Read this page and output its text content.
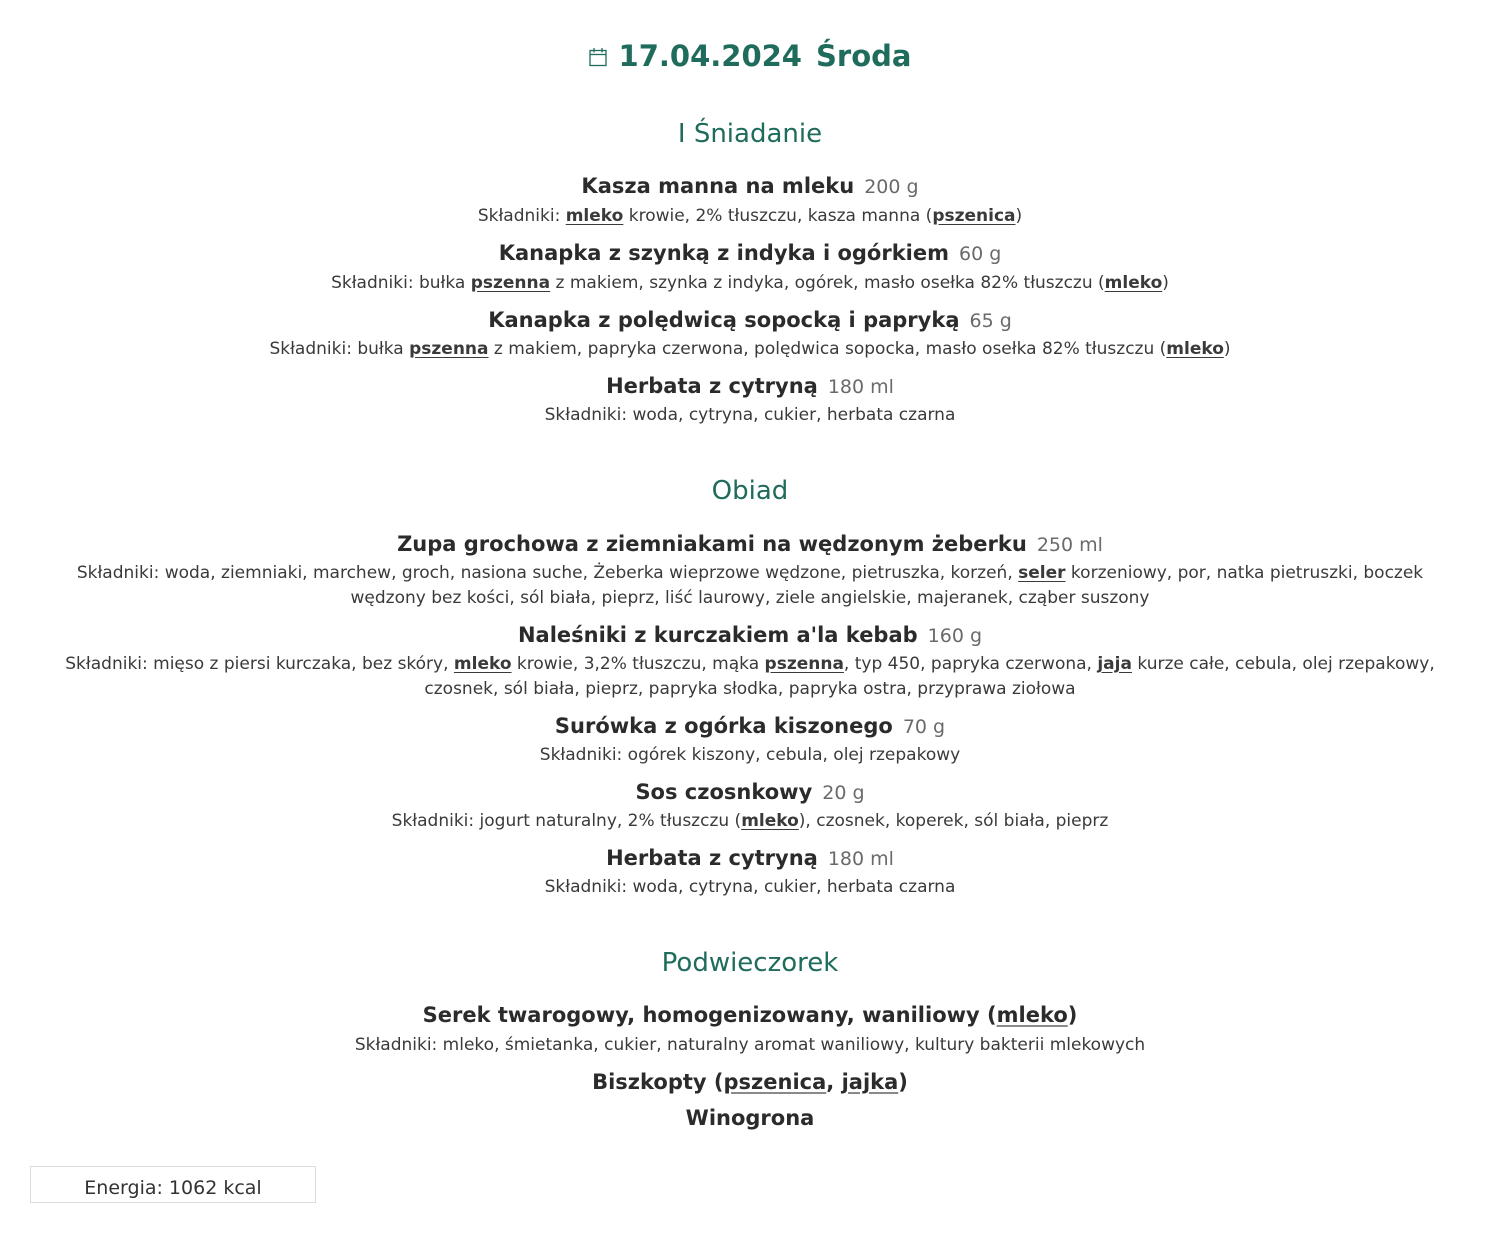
17.04.2024 Środa
I Śniadanie
Kasza manna na mleku 200 g
Składniki: mleko krowie, 2% tłuszczu, kasza manna (pszenica)
Kanapka z szynką z indyka i ogórkiem 60 g
Składniki: bułka pszenna z makiem, szynka z indyka, ogórek, masło osełka 82% tłuszczu (mleko)
Kanapka z polędwicą sopocką i papryką 65 g
Składniki: bułka pszenna z makiem, papryka czerwona, polędwica sopocka, masło osełka 82% tłuszczu (mleko)
Herbata z cytryną 180 ml
Składniki: woda, cytryna, cukier, herbata czarna
Obiad
Zupa grochowa z ziemniakami na wędzonym żeberku 250 ml
Składniki: woda, ziemniaki, marchew, groch, nasiona suche, Żeberka wieprzowe wędzone, pietruszka, korzeń, seler korzeniowy, por, natka pietruszki, boczek wędzony bez kości, sól biała, pieprz, liść laurowy, ziele angielskie, majeranek, cząber suszony
Naleśniki z kurczakiem a'la kebab 160 g
Składniki: mięso z piersi kurczaka, bez skóry, mleko krowie, 3,2% tłuszczu, mąka pszenna, typ 450, papryka czerwona, jaja kurze całe, cebula, olej rzepakowy, czosnek, sól biała, pieprz, papryka słodka, papryka ostra, przyprawa ziołowa
Surówka z ogórka kiszonego 70 g
Składniki: ogórek kiszony, cebula, olej rzepakowy
Sos czosnkowy 20 g
Składniki: jogurt naturalny, 2% tłuszczu (mleko), czosnek, koperek, sól biała, pieprz
Herbata z cytryną 180 ml
Składniki: woda, cytryna, cukier, herbata czarna
Podwieczorek
Serek twarogowy, homogenizowany, waniliowy (mleko)
Składniki: mleko, śmietanka, cukier, naturalny aromat waniliowy, kultury bakterii mlekowych
Biszkopty (pszenica, jajka)
Winogrona
Energia: 1062 kcal
